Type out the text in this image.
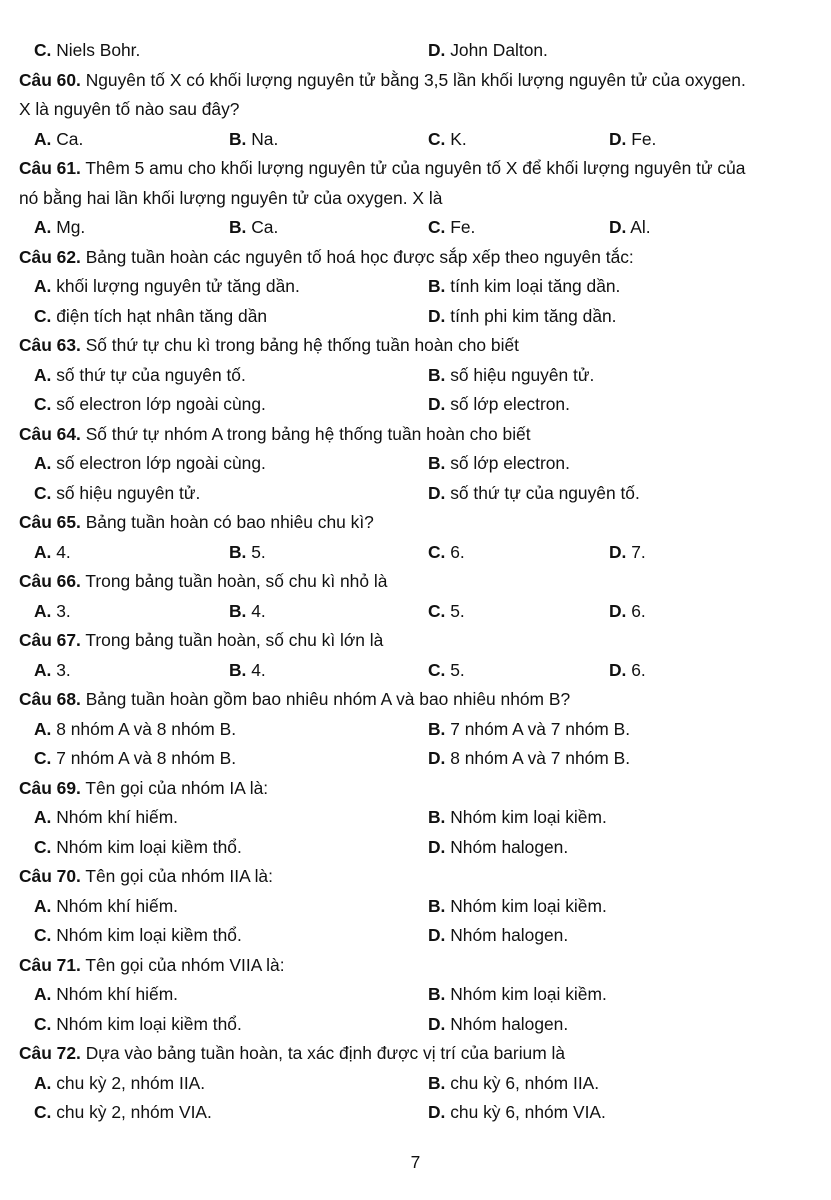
C. Niels Bohr.	D. John Dalton.
Câu 60. Nguyên tố X có khối lượng nguyên tử bằng 3,5 lần khối lượng nguyên tử của oxygen.
X là nguyên tố nào sau đây?
A. Ca.	B. Na.	C. K.	D. Fe.
Câu 61. Thêm 5 amu cho khối lượng nguyên tử của nguyên tố X để khối lượng nguyên tử của
nó bằng hai lần khối lượng nguyên tử của oxygen. X là
A. Mg.	B. Ca.	C. Fe.	D. Al.
Câu 62. Bảng tuần hoàn các nguyên tố hoá học được sắp xếp theo nguyên tắc:
A. khối lượng nguyên tử tăng dần.	B. tính kim loại tăng dần.
C. điện tích hạt nhân tăng dần	D. tính phi kim tăng dần.
Câu 63. Số thứ tự chu kì trong bảng hệ thống tuần hoàn cho biết
A. số thứ tự của nguyên tố.	B. số hiệu nguyên tử.
C. số electron lớp ngoài cùng.	D. số lớp electron.
Câu 64. Số thứ tự nhóm A trong bảng hệ thống tuần hoàn cho biết
A. số electron lớp ngoài cùng.	B. số lớp electron.
C. số hiệu nguyên tử.	D. số thứ tự của nguyên tố.
Câu 65. Bảng tuần hoàn có bao nhiêu chu kì?
A. 4.	B. 5.	C. 6.	D. 7.
Câu 66. Trong bảng tuần hoàn, số chu kì nhỏ là
A. 3.	B. 4.	C. 5.	D. 6.
Câu 67. Trong bảng tuần hoàn, số chu kì lớn là
A. 3.	B. 4.	C. 5.	D. 6.
Câu 68. Bảng tuần hoàn gồm bao nhiêu nhóm A và bao nhiêu nhóm B?
A. 8 nhóm A và 8 nhóm B.	B. 7 nhóm A và 7 nhóm B.
C. 7 nhóm A và 8 nhóm B.	D. 8 nhóm A và 7 nhóm B.
Câu 69. Tên gọi của nhóm IA là:
A. Nhóm khí hiếm.	B. Nhóm kim loại kiềm.
C. Nhóm kim loại kiềm thổ.	D. Nhóm halogen.
Câu 70. Tên gọi của nhóm IIA là:
A. Nhóm khí hiếm.	B. Nhóm kim loại kiềm.
C. Nhóm kim loại kiềm thổ.	D. Nhóm halogen.
Câu 71. Tên gọi của nhóm VIIA là:
A. Nhóm khí hiếm.	B. Nhóm kim loại kiềm.
C. Nhóm kim loại kiềm thổ.	D. Nhóm halogen.
Câu 72. Dựa vào bảng tuần hoàn, ta xác định được vị trí của barium là
A. chu kỳ 2, nhóm IIA.	B. chu kỳ 6, nhóm IIA.
C. chu kỳ 2, nhóm VIA.	D. chu kỳ 6, nhóm VIA.
7
